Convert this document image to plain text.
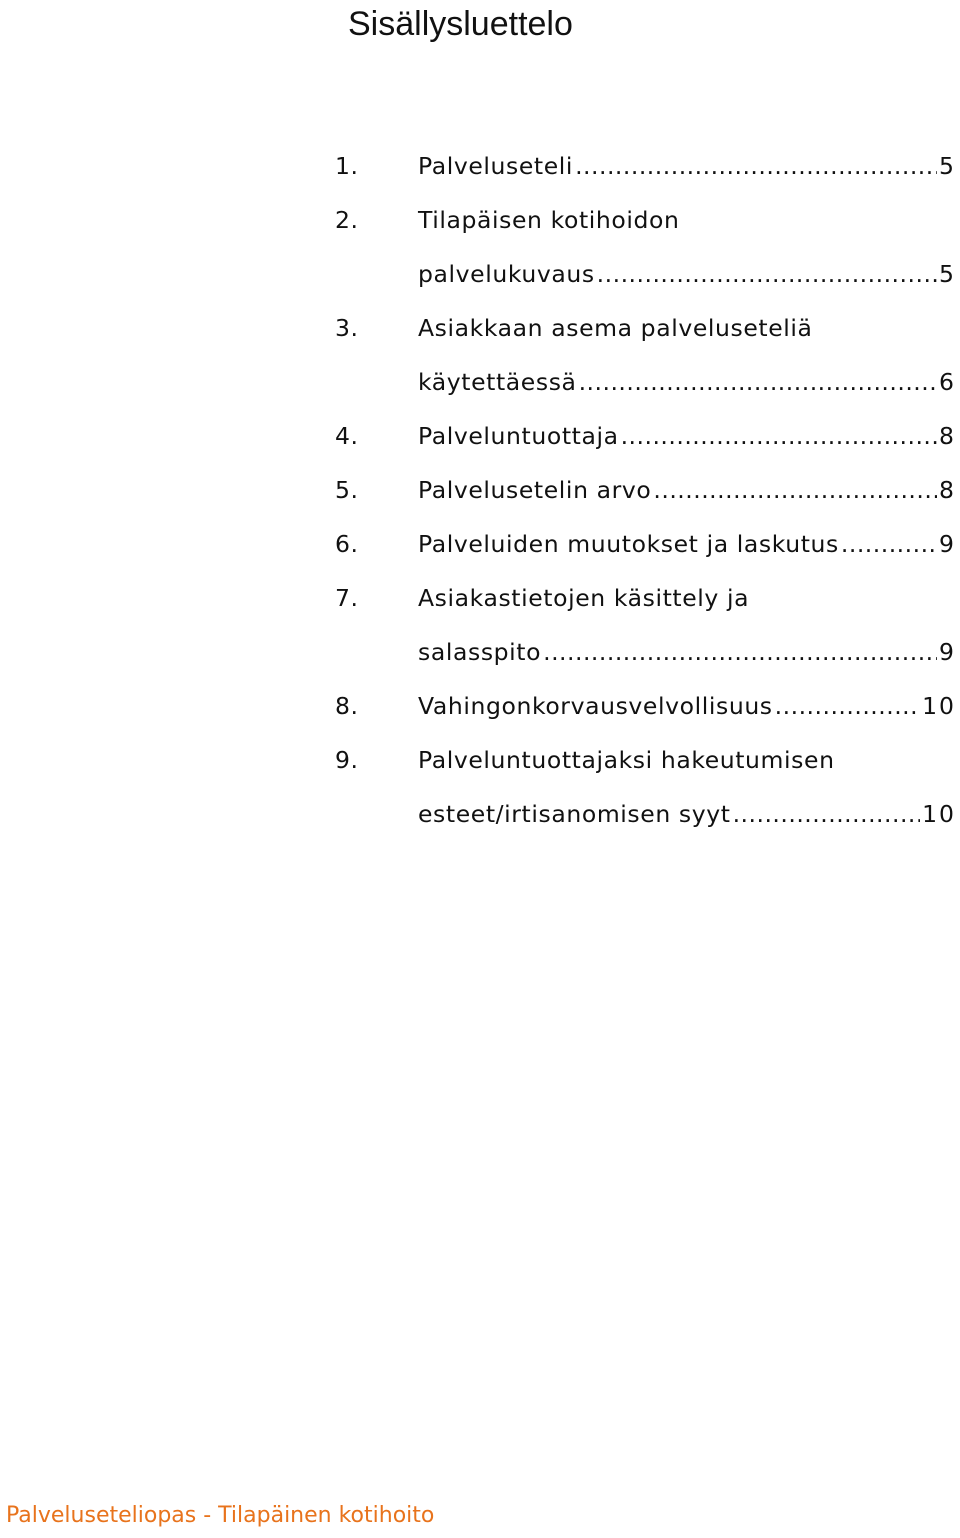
Sisällysluettelo
1.	Palveluseteli .....	5
2.	Tilapäisen kotihoidon
palvelukuvaus .....	5
3.	Asiakkaan asema palveluseteliä
käytettäessä .....	6
4.	Palveluntuottaja .....	8
5.	Palvelusetelin arvo .....	8
6.	Palveluiden muutokset ja laskutus .....	9
7.	Asiakastietojen käsittely ja
salasspito .....	9
8.	Vahingonkorvausvelvollisuus .....	10
9.	Palveluntuottajaksi hakeutumisen
esteet/irtisanomisen syyt .....	10
Palveluseteliopas - Tilapäinen kotihoito
